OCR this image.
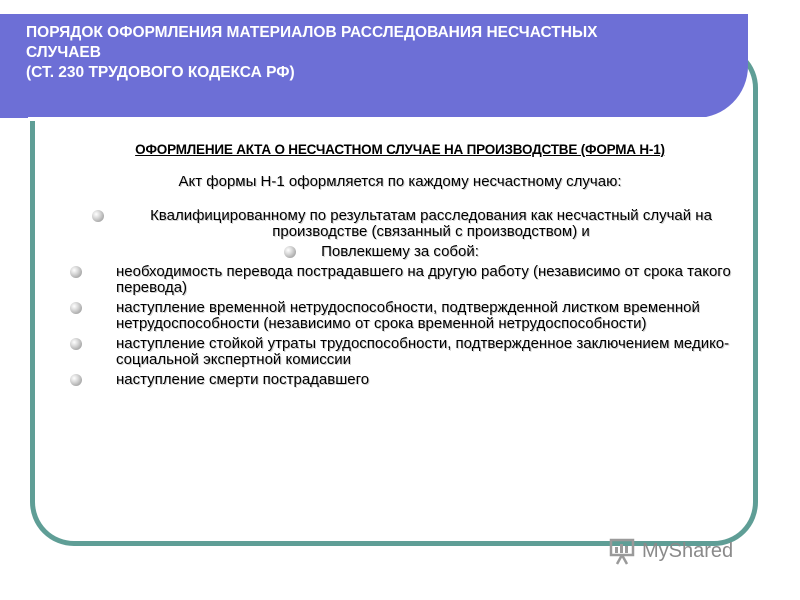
ПОРЯДОК ОФОРМЛЕНИЯ МАТЕРИАЛОВ РАССЛЕДОВАНИЯ НЕСЧАСТНЫХ
СЛУЧАЕВ
(СТ. 230 ТРУДОВОГО КОДЕКСА РФ)
ОФОРМЛЕНИЕ АКТА О НЕСЧАСТНОМ СЛУЧАЕ НА ПРОИЗВОДСТВЕ (ФОРМА Н-1)
Акт формы Н-1 оформляется по каждому несчастному случаю:
Квалифицированному по результатам расследования как несчастный случай на производстве (связанный с производством) и
Повлекшему за собой:
необходимость перевода пострадавшего на другую работу (независимо от срока такого перевода)
наступление временной нетрудоспособности, подтвержденной листком временной нетрудоспособности (независимо от срока временной нетрудоспособности)
наступление стойкой утраты трудоспособности, подтвержденное заключением медико-социальной экспертной комиссии
наступление смерти пострадавшего
MyShared
